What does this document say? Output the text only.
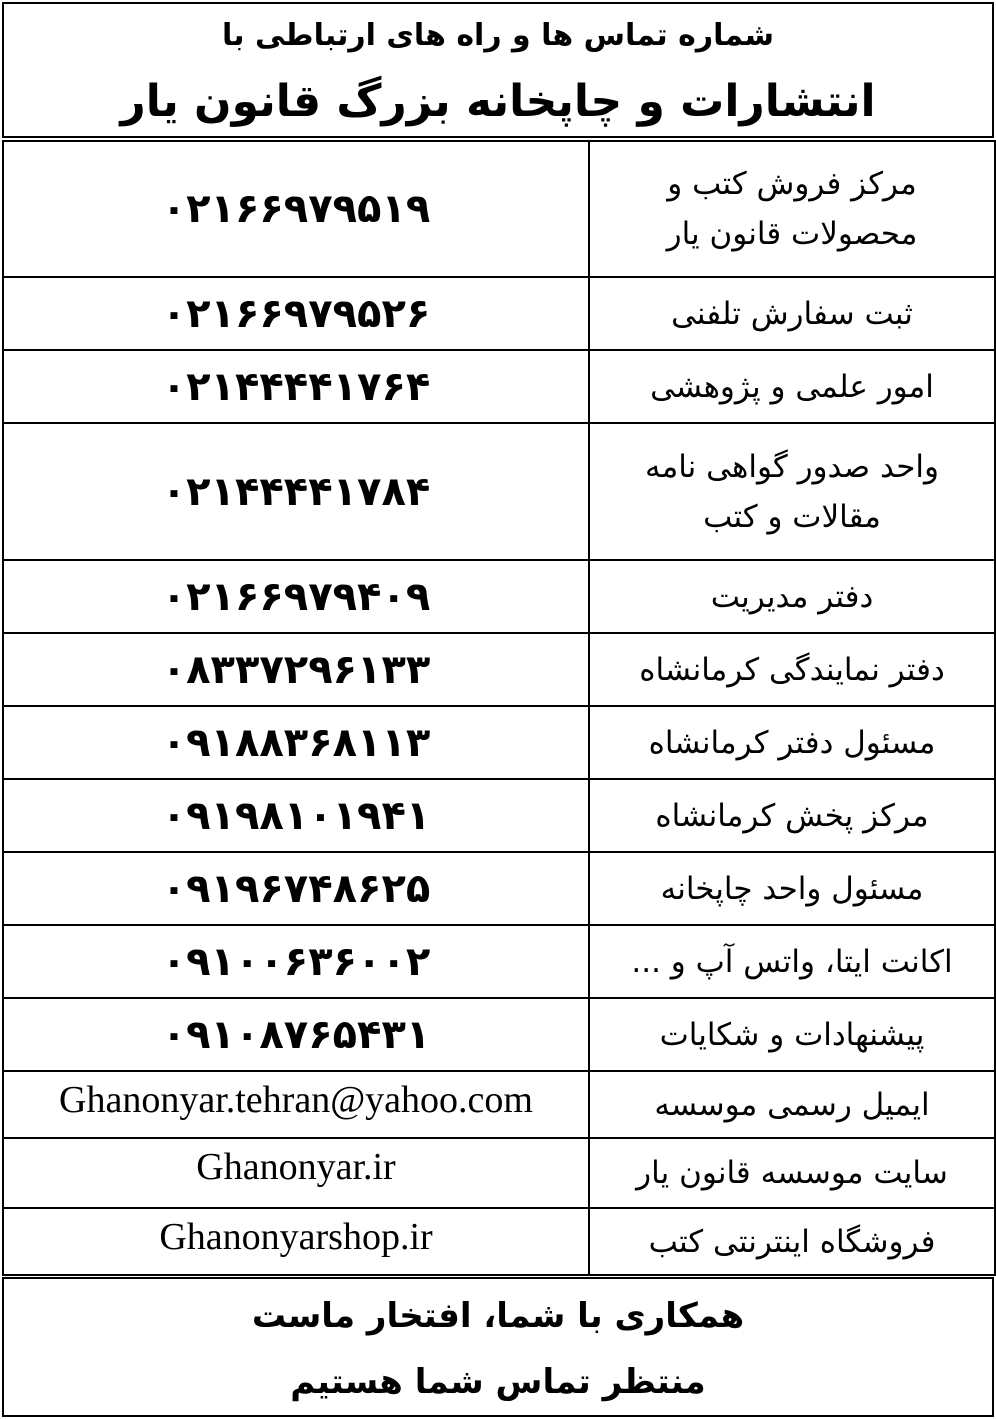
شماره تماس ها و راه های ارتباطی با
انتشارات و چاپخانه بزرگ قانون یار
۰۲۱۶۶۹۷۹۵۱۹	مرکز فروش کتب و محصولات قانون یار

۰۲۱۶۶۹۷۹۵۲۶	ثبت سفارش تلفنی

۰۲۱۴۴۴۴۱۷۶۴	امور علمی و پژوهشی

۰۲۱۴۴۴۴۱۷۸۴	واحد صدور گواهی نامه مقالات و کتب

۰۲۱۶۶۹۷۹۴۰۹	دفتر مدیریت

۰۸۳۳۷۲۹۶۱۳۳	دفتر نمایندگی کرمانشاه

۰۹۱۸۸۳۶۸۱۱۳	مسئول دفتر کرمانشاه

۰۹۱۹۸۱۰۱۹۴۱	مرکز پخش کرمانشاه

۰۹۱۹۶۷۴۸۶۲۵	مسئول واحد چاپخانه

۰۹۱۰۰۶۳۶۰۰۲	اکانت ایتا، واتس آپ و ...

۰۹۱۰۸۷۶۵۴۳۱	پیشنهادات و شکایات

Ghanonyar.tehran@yahoo.com	ایمیل رسمی موسسه

Ghanonyar.ir	سایت موسسه قانون یار

Ghanonyarshop.ir	فروشگاه اینترنتی کتب
همکاری با شما، افتخار ماست
منتظر تماس شما هستیم
